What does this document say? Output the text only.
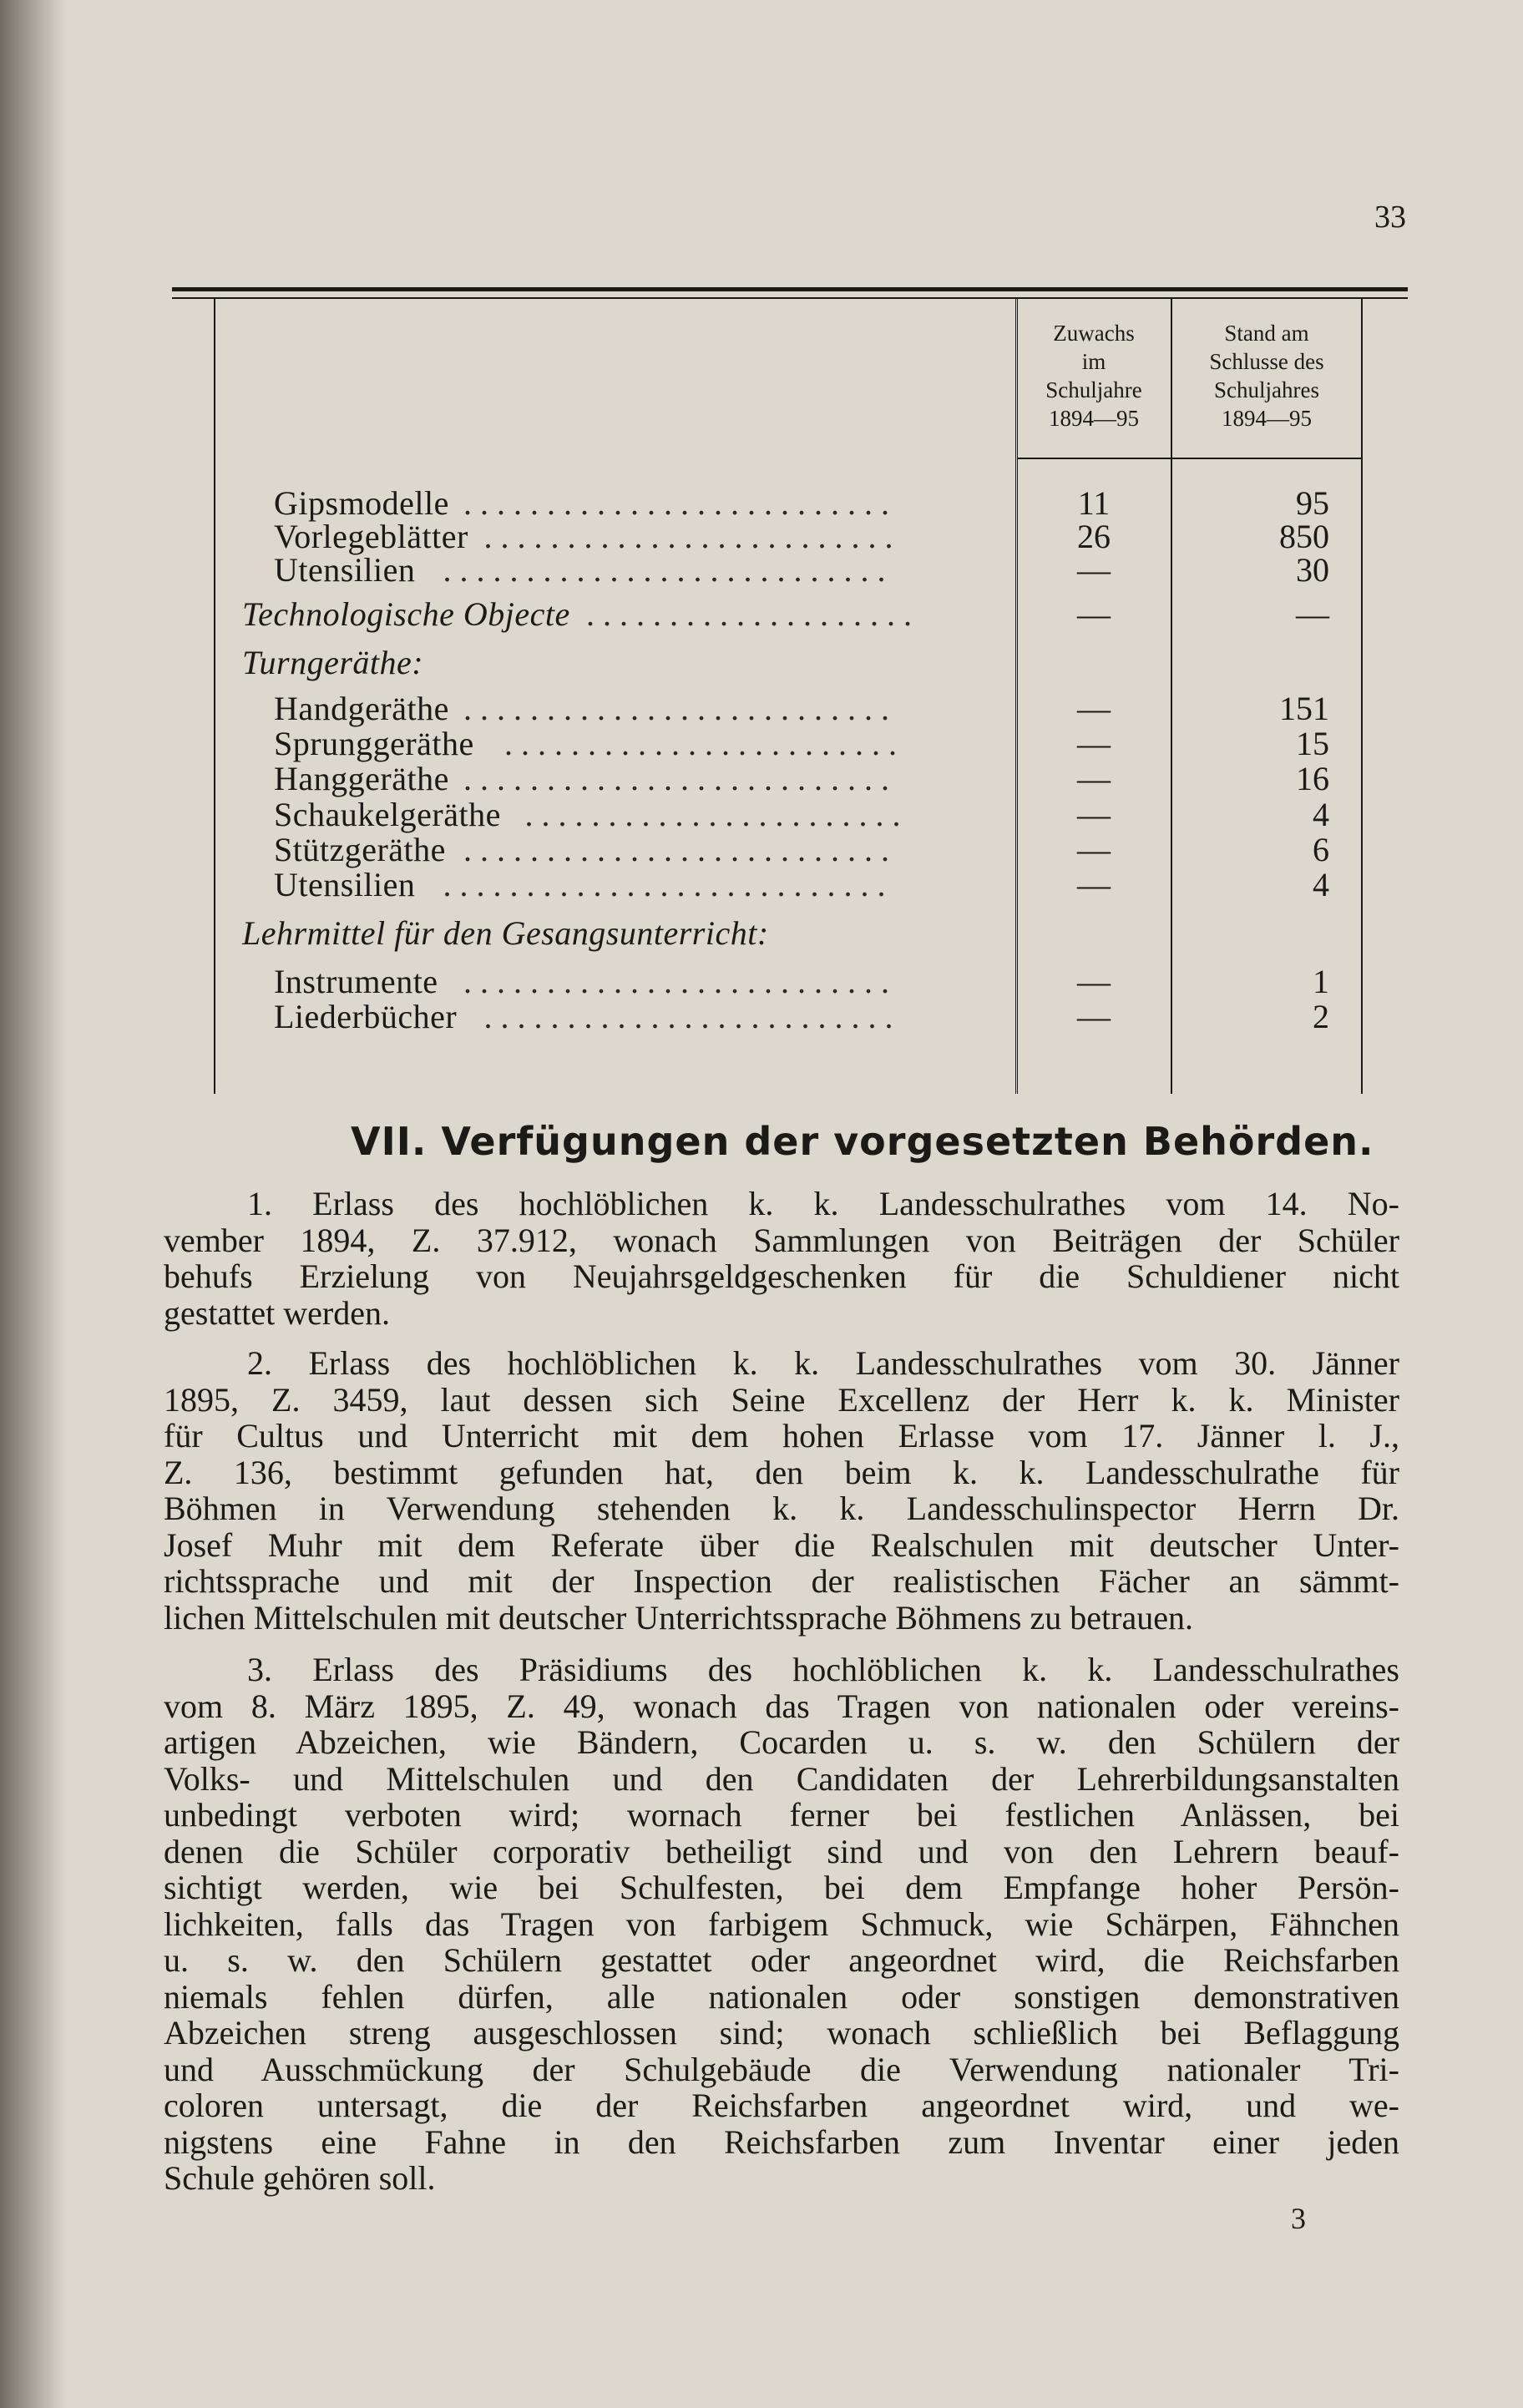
33
Zuwachs
im
Schuljahre
1894—95
Stand am
Schlusse des
Schuljahres
1894—95
Gipsmodelle ..........................	11	95
Vorlegeblätter .........................	26	850
Utensilien ...........................	—	30
Technologische Objecte ....................	—	—
Turngeräthe:
Handgeräthe ..........................	—	151
Sprunggeräthe ........................	—	15
Hanggeräthe ..........................	—	16
Schaukelgeräthe .......................	—	4
Stützgeräthe ..........................	—	6
Utensilien ...........................	—	4
Lehrmittel für den Gesangsunterricht:
Instrumente ..........................	—	1
Liederbücher .........................	—	2
VII. Verfügungen der vorgesetzten Behörden.
1. Erlass des hochlöblichen k. k. Landesschulrathes vom 14. No-
vember 1894, Z. 37.912, wonach Sammlungen von Beiträgen der Schüler
behufs Erzielung von Neujahrsgeldgeschenken für die Schuldiener nicht
gestattet werden.
2. Erlass des hochlöblichen k. k. Landesschulrathes vom 30. Jänner
1895, Z. 3459, laut dessen sich Seine Excellenz der Herr k. k. Minister
für Cultus und Unterricht mit dem hohen Erlasse vom 17. Jänner l. J.,
Z. 136, bestimmt gefunden hat, den beim k. k. Landesschulrathe für
Böhmen in Verwendung stehenden k. k. Landesschulinspector Herrn Dr.
Josef Muhr mit dem Referate über die Realschulen mit deutscher Unter-
richtssprache und mit der Inspection der realistischen Fächer an sämmt-
lichen Mittelschulen mit deutscher Unterrichtssprache Böhmens zu betrauen.
3. Erlass des Präsidiums des hochlöblichen k. k. Landesschulrathes
vom 8. März 1895, Z. 49, wonach das Tragen von nationalen oder vereins-
artigen Abzeichen, wie Bändern, Cocarden u. s. w. den Schülern der
Volks- und Mittelschulen und den Candidaten der Lehrerbildungsanstalten
unbedingt verboten wird; wornach ferner bei festlichen Anlässen, bei
denen die Schüler corporativ betheiligt sind und von den Lehrern beauf-
sichtigt werden, wie bei Schulfesten, bei dem Empfange hoher Persön-
lichkeiten, falls das Tragen von farbigem Schmuck, wie Schärpen, Fähnchen
u. s. w. den Schülern gestattet oder angeordnet wird, die Reichsfarben
niemals fehlen dürfen, alle nationalen oder sonstigen demonstrativen
Abzeichen streng ausgeschlossen sind; wonach schließlich bei Beflaggung
und Ausschmückung der Schulgebäude die Verwendung nationaler Tri-
coloren untersagt, die der Reichsfarben angeordnet wird, und we-
nigstens eine Fahne in den Reichsfarben zum Inventar einer jeden
Schule gehören soll.
3
